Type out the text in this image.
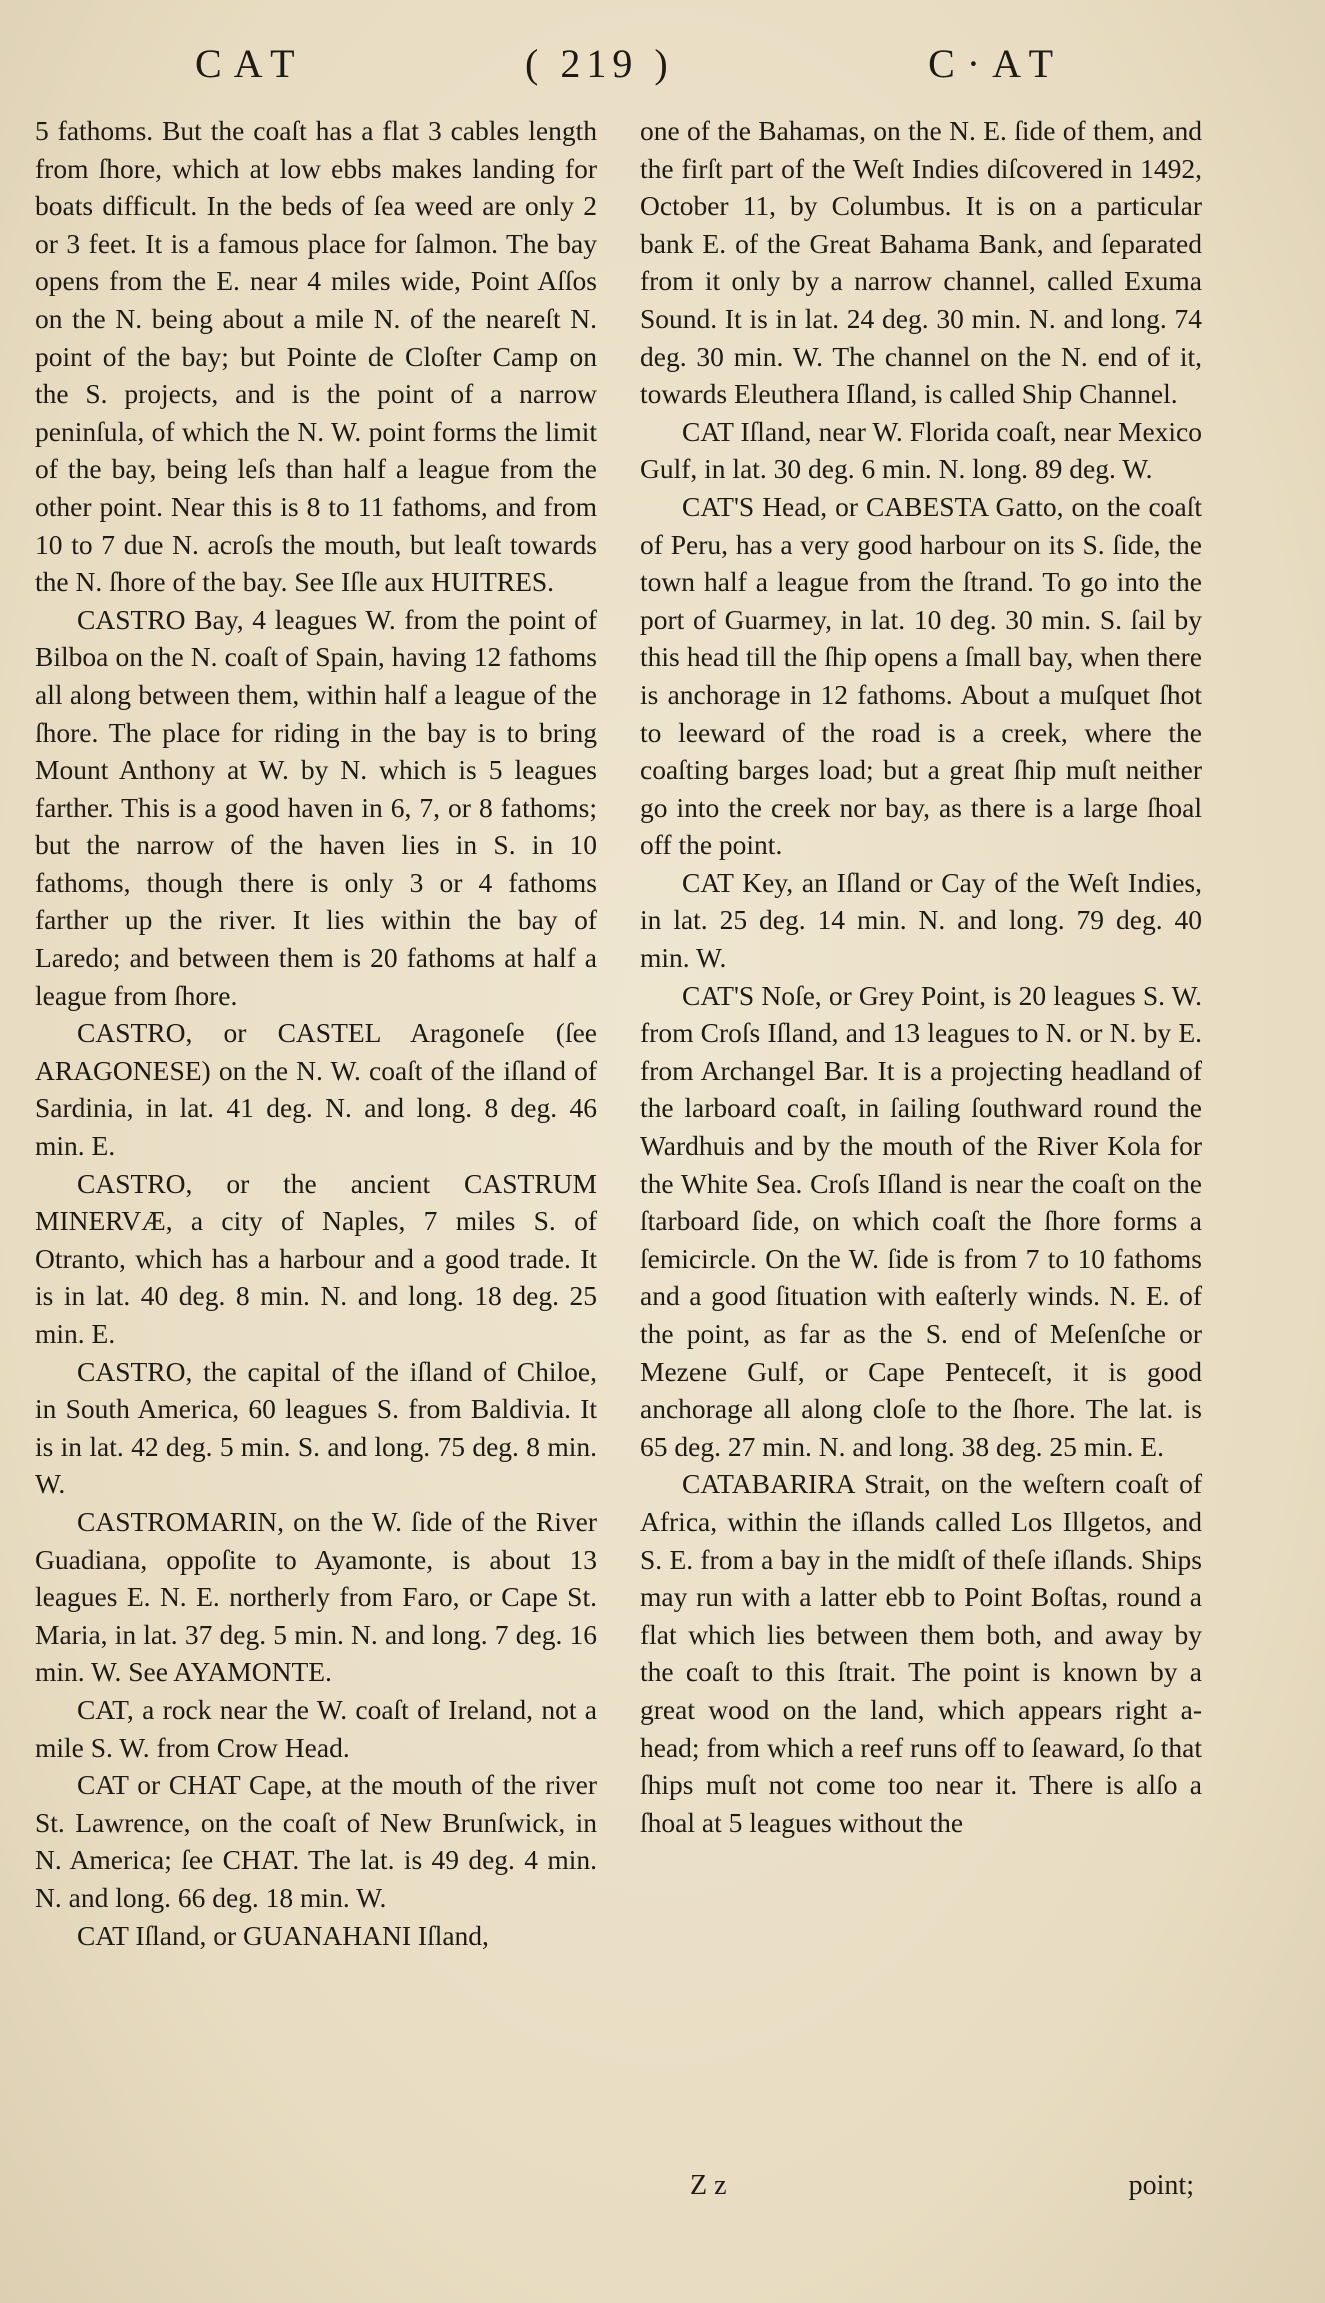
CAT	( 219 )	C·AT

5 fathoms. But the coaſt has a flat 3 cables length from ſhore, which at low ebbs makes landing for boats difficult. In the beds of ſea weed are only 2 or 3 feet. It is a famous place for ſalmon. The bay opens from the E. near 4 miles wide, Point Aſſos on the N. being about a mile N. of the neareſt N. point of the bay; but Pointe de Cloſter Camp on the S. projects, and is the point of a narrow peninſula, of which the N. W. point forms the limit of the bay, being leſs than half a league from the other point. Near this is 8 to 11 fathoms, and from 10 to 7 due N. acroſs the mouth, but leaſt towards the N. ſhore of the bay. See Iſle aux HUITRES.

CASTRO Bay, 4 leagues W. from the point of Bilboa on the N. coaſt of Spain, having 12 fathoms all along between them, within half a league of the ſhore. The place for riding in the bay is to bring Mount Anthony at W. by N. which is 5 leagues farther. This is a good haven in 6, 7, or 8 fathoms; but the narrow of the haven lies in S. in 10 fathoms, though there is only 3 or 4 fathoms farther up the river. It lies within the bay of Laredo; and between them is 20 fathoms at half a league from ſhore.

CASTRO, or CASTEL Aragoneſe (ſee ARAGONESE) on the N. W. coaſt of the iſland of Sardinia, in lat. 41 deg. N. and long. 8 deg. 46 min. E.

CASTRO, or the ancient CASTRUM MINERVÆ, a city of Naples, 7 miles S. of Otranto, which has a harbour and a good trade. It is in lat. 40 deg. 8 min. N. and long. 18 deg. 25 min. E.

CASTRO, the capital of the iſland of Chiloe, in South America, 60 leagues S. from Baldivia. It is in lat. 42 deg. 5 min. S. and long. 75 deg. 8 min. W.

CASTROMARIN, on the W. ſide of the River Guadiana, oppoſite to Ayamonte, is about 13 leagues E. N. E. northerly from Faro, or Cape St. Maria, in lat. 37 deg. 5 min. N. and long. 7 deg. 16 min. W. See AYAMONTE.

CAT, a rock near the W. coaſt of Ireland, not a mile S. W. from Crow Head.

CAT or CHAT Cape, at the mouth of the river St. Lawrence, on the coaſt of New Brunſwick, in N. America; ſee CHAT. The lat. is 49 deg. 4 min. N. and long. 66 deg. 18 min. W.

CAT Iſland, or GUANAHANI Iſland,

one of the Bahamas, on the N. E. ſide of them, and the firſt part of the Weſt Indies diſcovered in 1492, October 11, by Columbus. It is on a particular bank E. of the Great Bahama Bank, and ſeparated from it only by a narrow channel, called Exuma Sound. It is in lat. 24 deg. 30 min. N. and long. 74 deg. 30 min. W. The channel on the N. end of it, towards Eleuthera Iſland, is called Ship Channel.

CAT Iſland, near W. Florida coaſt, near Mexico Gulf, in lat. 30 deg. 6 min. N. long. 89 deg. W.

CAT'S Head, or CABESTA Gatto, on the coaſt of Peru, has a very good harbour on its S. ſide, the town half a league from the ſtrand. To go into the port of Guarmey, in lat. 10 deg. 30 min. S. ſail by this head till the ſhip opens a ſmall bay, when there is anchorage in 12 fathoms. About a muſquet ſhot to leeward of the road is a creek, where the coaſting barges load; but a great ſhip muſt neither go into the creek nor bay, as there is a large ſhoal off the point.

CAT Key, an Iſland or Cay of the Weſt Indies, in lat. 25 deg. 14 min. N. and long. 79 deg. 40 min. W.

CAT'S Noſe, or Grey Point, is 20 leagues S. W. from Croſs Iſland, and 13 leagues to N. or N. by E. from Archangel Bar. It is a projecting headland of the larboard coaſt, in ſailing ſouthward round the Wardhuis and by the mouth of the River Kola for the White Sea. Croſs Iſland is near the coaſt on the ſtarboard ſide, on which coaſt the ſhore forms a ſemicircle. On the W. ſide is from 7 to 10 fathoms and a good ſituation with eaſterly winds. N. E. of the point, as far as the S. end of Meſenſche or Mezene Gulf, or Cape Penteceſt, it is good anchorage all along cloſe to the ſhore. The lat. is 65 deg. 27 min. N. and long. 38 deg. 25 min. E.

CATABARIRA Strait, on the weſtern coaſt of Africa, within the iſlands called Los Illgetos, and S. E. from a bay in the midſt of theſe iſlands. Ships may run with a latter ebb to Point Boſtas, round a flat which lies between them both, and away by the coaſt to this ſtrait. The point is known by a great wood on the land, which appears right a-head; from which a reef runs off to ſeaward, ſo that ſhips muſt not come too near it. There is alſo a ſhoal at 5 leagues without the

Z z	point;
